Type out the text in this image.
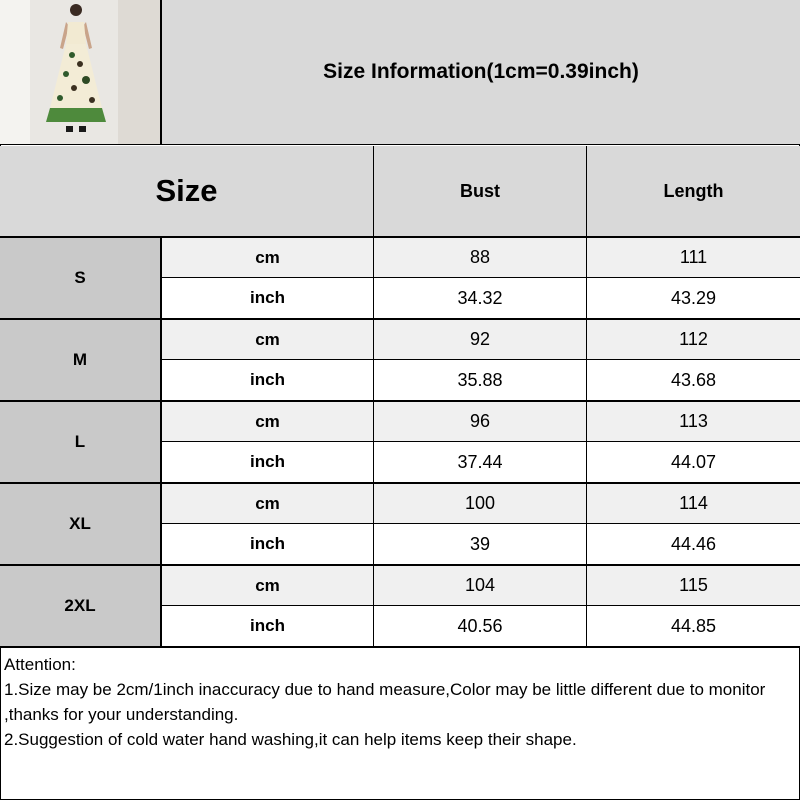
Size Information(1cm=0.39inch)
Size	Bust	Length
S
cm	88	111
inch	34.32	43.29
M
cm	92	112
inch	35.88	43.68
L
cm	96	113
inch	37.44	44.07
XL
cm	100	114
inch	39	44.46
2XL
cm	104	115
inch	40.56	44.85

Attention:

1.Size may be 2cm/1inch inaccuracy due to hand measure,Color may be little different due to monitor ,thanks for your understanding.

2.Suggestion of cold water hand washing,it can help items keep their shape.
